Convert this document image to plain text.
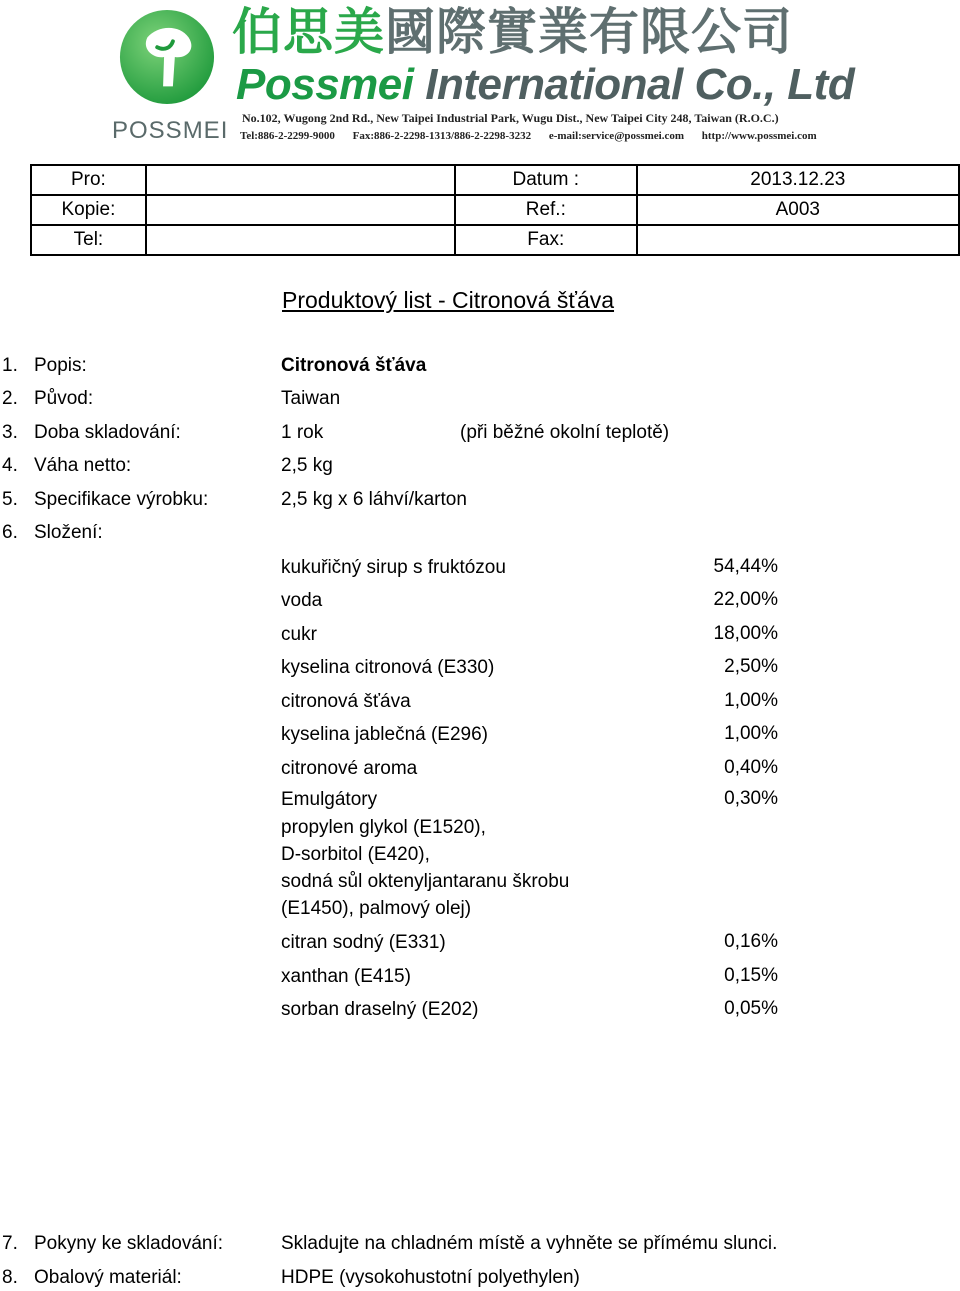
POSSMEI
伯思美國際實業有限公司
Possmei International Co., Ltd
No.102, Wugong 2nd Rd., New Taipei Industrial Park, Wugu Dist., New Taipei City 248, Taiwan (R.O.C.)
Tel:886-2-2299-9000 Fax:886-2-2298-1313/886-2-2298-3232 e-mail:service@possmei.com http://www.possmei.com
Pro:		Datum :	2013.12.23
Kopie:		Ref.:	A003
Tel:		Fax:	
Produktový list - Citronová šťáva
1. Popis:	Citronová šťáva
2. Původ:	Taiwan
3. Doba skladování:	1 rok	(při běžné okolní teplotě)
4. Váha netto:	2,5 kg
5. Specifikace výrobku:	2,5 kg x 6 láhví/karton
6. Složení:
kukuřičný sirup s fruktózou	54,44%
voda	22,00%
cukr	18,00%
kyselina citronová (E330)	2,50%
citronová šťáva	1,00%
kyselina jablečná (E296)	1,00%
citronové aroma	0,40%
Emulgátory	0,30%
propylen glykol (E1520),
D-sorbitol (E420),
sodná sůl oktenyljantaranu škrobu
(E1450), palmový olej)
citran sodný (E331)	0,16%
xanthan (E415)	0,15%
sorban draselný (E202)	0,05%
7. Pokyny ke skladování:	Skladujte na chladném místě a vyhněte se přímému slunci.
8. Obalový materiál:	HDPE (vysokohustotní polyethylen)
